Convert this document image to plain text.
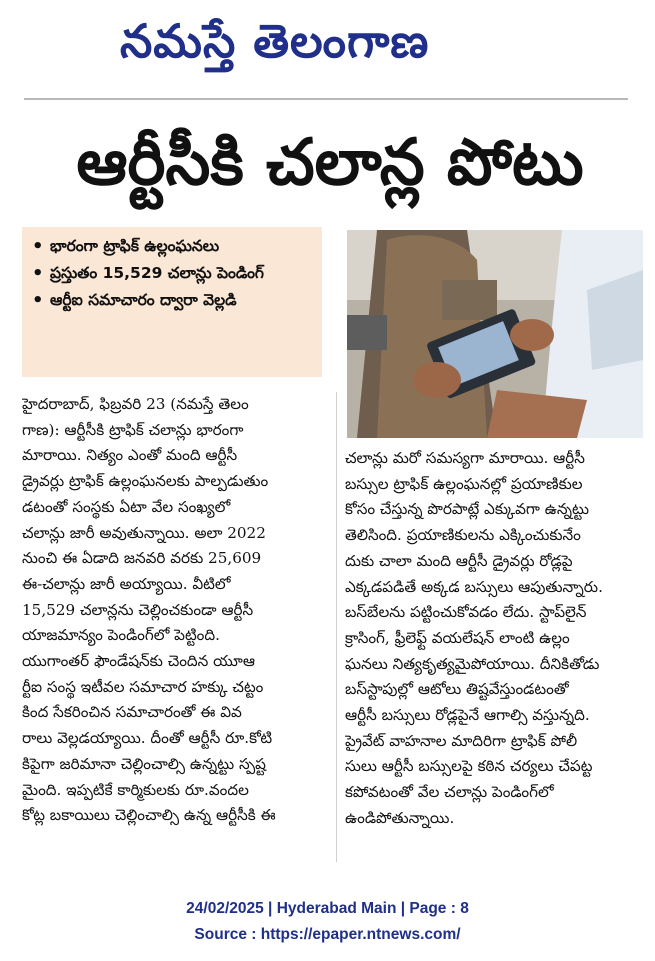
నమస్తే తెలంగాణ
ఆర్టీసీకి చలాన్ల పోటు
• భారంగా ట్రాఫిక్ ఉల్లంఘనలు
• ప్రస్తుతం 15,529 చలాన్లు పెండింగ్
• ఆర్టీఐ సమాచారం ద్వారా వెల్లడి
హైదరాబాద్, ఫిబ్రవరి 23 (నమస్తే తెలం
గాణ): ఆర్టీసీకి ట్రాఫిక్ చలాన్లు భారంగా
మారాయి. నిత్యం ఎంతో మంది ఆర్టీసీ
డ్రైవర్లు ట్రాఫిక్ ఉల్లంఘనలకు పాల్పడుతుం
డటంతో సంస్థకు ఏటా వేల సంఖ్యలో
చలాన్లు జారీ అవుతున్నాయి. అలా 2022
నుంచి ఈ ఏడాది జనవరి వరకు 25,609
ఈ-చలాన్లు జారీ అయ్యాయి. వీటిలో
15,529 చలాన్లను చెల్లించకుండా ఆర్టీసీ
యాజమాన్యం పెండింగ్‌లో పెట్టింది.
యుగాంతర్ ఫౌండేషన్‌కు చెందిన యూఆ
ర్టీఐ సంస్థ ఇటీవల సమాచార హక్కు చట్టం
కింద సేకరించిన సమాచారంతో ఈ వివ
రాలు వెల్లడయ్యాయి. దీంతో ఆర్టీసీ రూ.కోటి
కిపైగా జరిమానా చెల్లించాల్సి ఉన్నట్టు స్పష్ట
మైంది. ఇప్పటికే కార్మికులకు రూ.వందల
కోట్ల బకాయిలు చెల్లించాల్సి ఉన్న ఆర్టీసీకి ఈ
చలాన్లు మరో సమస్యగా మారాయి. ఆర్టీసీ
బస్సుల ట్రాఫిక్ ఉల్లంఘనల్లో ప్రయాణికుల
కోసం చేస్తున్న పొరపాట్లే ఎక్కువగా ఉన్నట్టు
తెలిసింది. ప్రయాణికులను ఎక్కించుకునేం
దుకు చాలా మంది ఆర్టీసీ డ్రైవర్లు రోడ్లపై
ఎక్కడపడితే అక్కడ బస్సులు ఆపుతున్నారు.
బస్‌బేలను పట్టించుకోవడం లేదు. స్టాప్‌లైన్
క్రాసింగ్, ఫ్రీలెఫ్ట్ వయలేషన్ లాంటి ఉల్లం
ఘనలు నిత్యకృత్యమైపోయాయి. దీనికితోడు
బస్‌స్టాపుల్లో ఆటోలు తిష్టవేస్తుండటంతో
ఆర్టీసీ బస్సులు రోడ్లపైనే ఆగాల్సి వస్తున్నది.
ప్రైవేట్ వాహనాల మాదిరిగా ట్రాఫిక్ పోలీ
సులు ఆర్టీసీ బస్సులపై కఠిన చర్యలు చేపట్ట
కపోవటంతో వేల చలాన్లు పెండింగ్‌లో
ఉండిపోతున్నాయి.
24/02/2025 | Hyderabad Main | Page : 8
Source : https://epaper.ntnews.com/
